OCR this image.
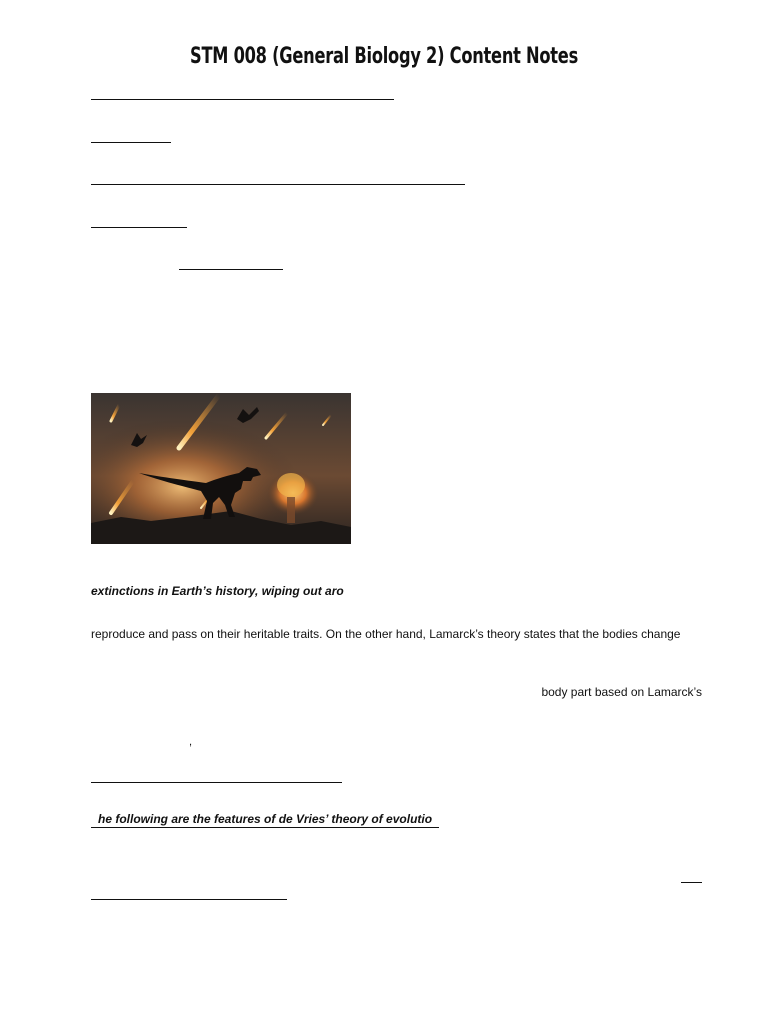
STM 008 (General Biology 2) Content Notes
extinctions in Earth’s history, wiping out aro
reproduce and pass on their heritable traits. On the other hand, Lamarck’s theory states that the bodies change
body part based on Lamarck’s
,
he following are the features of de Vries’ theory of evolutio
